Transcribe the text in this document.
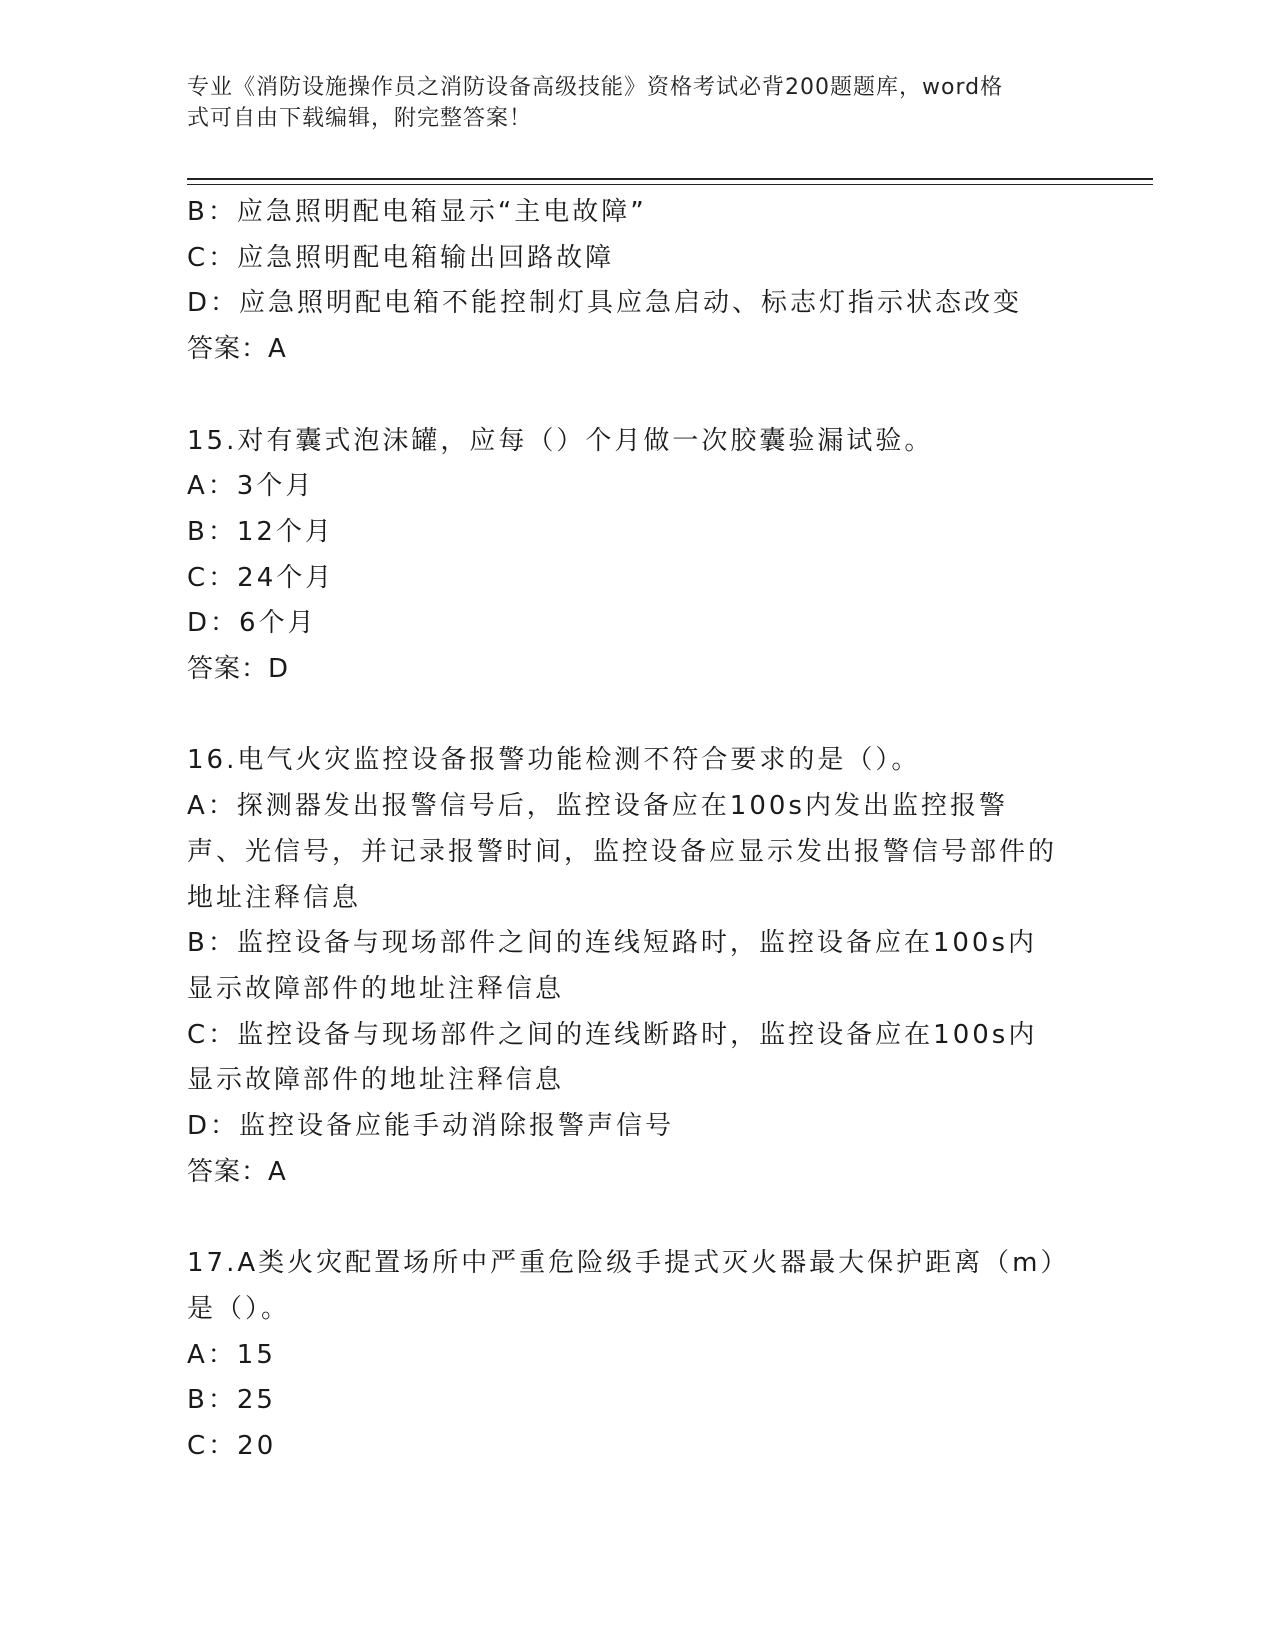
专业《消防设施操作员之消防设备高级技能》资格考试必背200题题库，word格
式可自由下载编辑，附完整答案！
B：应急照明配电箱显示“主电故障”
C：应急照明配电箱输出回路故障
D：应急照明配电箱不能控制灯具应急启动、标志灯指示状态改变
答案：A
15.对有囊式泡沫罐，应每（）个月做一次胶囊验漏试验。
A：3个月
B：12个月
C：24个月
D：6个月
答案：D
16.电气火灾监控设备报警功能检测不符合要求的是（）。
A：探测器发出报警信号后，监控设备应在100s内发出监控报警声、光信号，并记录报警时间，监控设备应显示发出报警信号部件的地址注释信息
B：监控设备与现场部件之间的连线短路时，监控设备应在100s内显示故障部件的地址注释信息
C：监控设备与现场部件之间的连线断路时，监控设备应在100s内显示故障部件的地址注释信息
D：监控设备应能手动消除报警声信号
答案：A
17.A类火灾配置场所中严重危险级手提式灭火器最大保护距离（m）是（）。
A：15
B：25
C：20
